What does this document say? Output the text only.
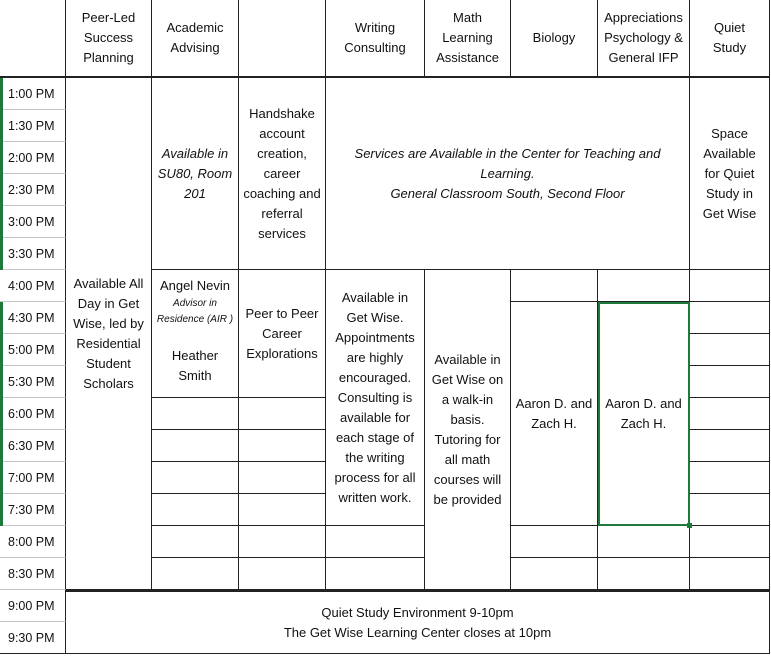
Peer-Led
Success
Planning
Academic
Advising
Writing
Consulting
Math
Learning
Assistance
Biology
Appreciations
Psychology &
General IFP
Quiet
Study
1:00 PM
1:30 PM
2:00 PM
2:30 PM
3:00 PM
3:30 PM
4:00 PM
4:30 PM
5:00 PM
5:30 PM
6:00 PM
6:30 PM
7:00 PM
7:30 PM
8:00 PM
8:30 PM
9:00 PM
9:30 PM
Available All
Day in Get
Wise, led by
Residential
Student
Scholars
Available in
SU80, Room
201
Handshake
account
creation,
career
coaching and
referral
services
Services are Available in the Center for Teaching and
Learning.
General Classroom South, Second Floor
Space
Available
for Quiet
Study in
Get Wise
Angel Nevin
Advisor in
Residence (AIR )
Heather
Smith
Peer to Peer
Career
Explorations
Available in
Get Wise.
Appointments
are highly
encouraged.
Consulting is
available for
each stage of
the writing
process for all
written work.
Available in
Get Wise on
a walk-in
basis.
Tutoring for
all math
courses will
be provided
Aaron D. and
Zach H.
Aaron D. and
Zach H.
Quiet Study Environment 9-10pm
The Get Wise Learning Center closes at 10pm
